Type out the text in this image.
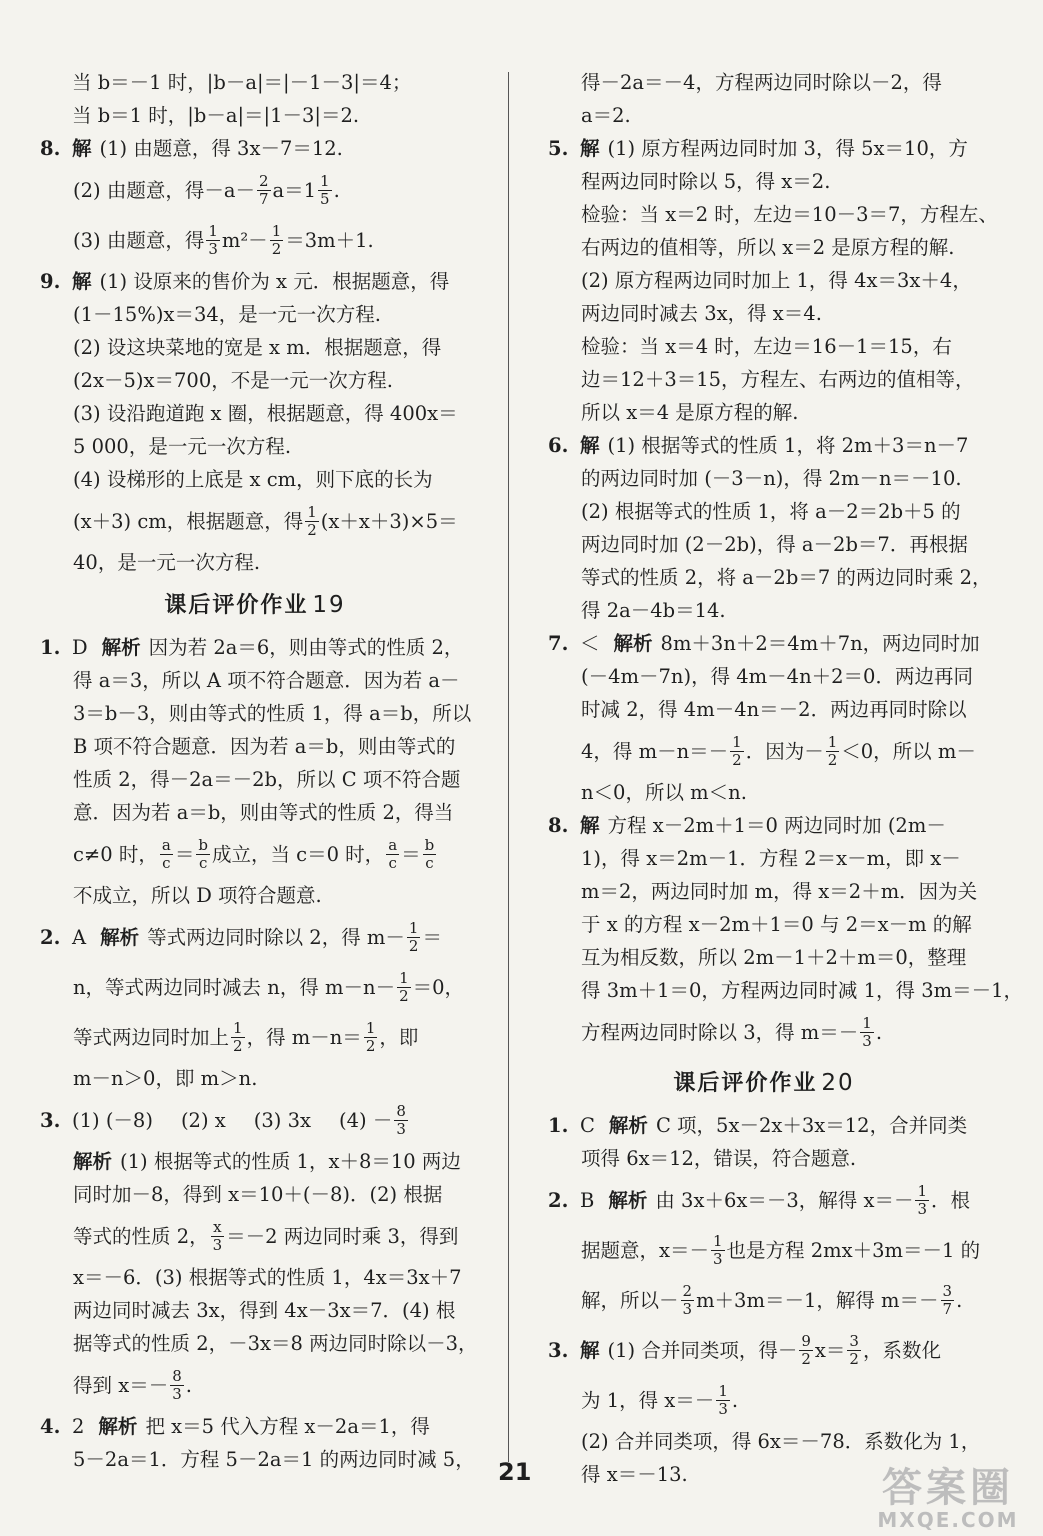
当 b＝－1 时，|b－a|＝|－1－3|＝4；
当 b＝1 时，|b－a|＝|1－3|＝2.
8. 解 (1) 由题意，得 3x－7＝12.
(2) 由题意，得$-a- \frac{2}{7} a=1 \frac{1}{5}$ .
(3) 由题意，得 $\frac{1}{3} m^2- \frac{1}{2} =3m+1$.
9. 解 (1) 设原来的售价为 x 元．根据题意，得
(1－15%)x＝34，是一元一次方程.
(2) 设这块菜地的宽是 x m．根据题意，得
(2x－5)x＝700，不是一元一次方程.
(3) 设沿跑道跑 x 圈，根据题意，得 400x＝
5 000，是一元一次方程.
(4) 设梯形的上底是 x cm，则下底的长为
(x＋3) cm，根据题意，得 $\frac{1}{2} (x+x+3)\times 5=$
40，是一元一次方程.
课后评价作业 19
1. D 解析 因为若 2a＝6，则由等式的性质 2，
得 a＝3，所以 A 项不符合题意．因为若 a－
3＝b－3，则由等式的性质 1，得 a＝b，所以
B 项不符合题意．因为若 a＝b，则由等式的
性质 2，得－2a＝－2b，所以 C 项不符合题
意．因为若 a＝b，则由等式的性质 2，得当
c≠0 时， $\frac{a}{c} = \frac{b}{c}$ 成立，当 c＝0 时， $\frac{a}{c} = \frac{b}{c}$
不成立，所以 D 项符合题意.
2. A 解析 等式两边同时除以 2，得 $m- \frac{1}{2}$ ＝
n，等式两边同时减去 n，得 $m-n- \frac{1}{2} =0$，
等式两边同时加上 $\frac{1}{2}$ ，得 $m-n= \frac{1}{2}$ ，即
m－n＞0，即 m＞n.
3. (1) (－8) (2) x (3) 3x $(4) - \frac{8}{3}$
解析 (1) 根据等式的性质 1，x＋8＝10 两边
同时加－8，得到 x＝10＋(－8)．(2) 根据
等式的性质 2， $\frac{x}{3} =-2$ 两边同时乘 3，得到
x＝－6．(3) 根据等式的性质 1，4x＝3x＋7
两边同时减去 3x，得到 4x－3x＝7．(4) 根
据等式的性质 2，－3x＝8 两边同时除以－3，
得到 $x=- \frac{8}{3}$ .
4. 2 解析 把 x＝5 代入方程 x－2a＝1，得
5－2a＝1．方程 5－2a＝1 的两边同时减 5，
得－2a＝－4，方程两边同时除以－2，得
a＝2.
5. 解 (1) 原方程两边同时加 3，得 5x＝10，方
程两边同时除以 5，得 x＝2.
检验：当 x＝2 时，左边＝10－3＝7，方程左、
右两边的值相等，所以 x＝2 是原方程的解.
(2) 原方程两边同时加上 1，得 4x＝3x＋4，
两边同时减去 3x，得 x＝4.
检验：当 x＝4 时，左边＝16－1＝15，右
边＝12＋3＝15，方程左、右两边的值相等，
所以 x＝4 是原方程的解.
6. 解 (1) 根据等式的性质 1，将 2m＋3＝n－7
的两边同时加 (－3－n)，得 2m－n＝－10.
(2) 根据等式的性质 1，将 a－2＝2b＋5 的
两边同时加 (2－2b)，得 a－2b＝7．再根据
等式的性质 2，将 a－2b＝7 的两边同时乘 2，
得 2a－4b＝14.
7. ＜ 解析 8m＋3n＋2＝4m＋7n，两边同时加
(－4m－7n)，得 4m－4n＋2＝0．两边再同
时减 2，得 4m－4n＝－2．两边再同时除以
4，得 $m-n=- \frac{1}{2}$ ．因为－ $\frac{1}{2} <0$，所以 m－
n＜0，所以 m＜n.
8. 解 方程 x－2m＋1＝0 两边同时加 (2m－
1)，得 x＝2m－1．方程 2＝x－m，即 x－
m＝2，两边同时加 m，得 x＝2＋m．因为关
于 x 的方程 x－2m＋1＝0 与 2＝x－m 的解
互为相反数，所以 2m－1＋2＋m＝0，整理
得 3m＋1＝0，方程两边同时减 1，得 3m＝－1，
方程两边同时除以 3，得 $m=- \frac{1}{3}$ .
课后评价作业 20
1. C 解析 C 项，5x－2x＋3x＝12，合并同类
项得 6x＝12，错误，符合题意.
2. B 解析 由 3x＋6x＝－3，解得 $x=- \frac{1}{3}$ ．根
据题意，$x=- \frac{1}{3}$ 也是方程 2mx＋3m＝－1 的
解，所以－ $\frac{2}{3} m+3m=-1$，解得 $m=- \frac{3}{7}$ .
3. 解 (1) 合并同类项，得－ $\frac{9}{2} x= \frac{3}{2}$ ，系数化
为 1，得 $x=- \frac{1}{3}$ .
(2) 合并同类项，得 6x＝－78．系数化为 1，
得 x＝－13.
21	答案圈
MXQE.COM
